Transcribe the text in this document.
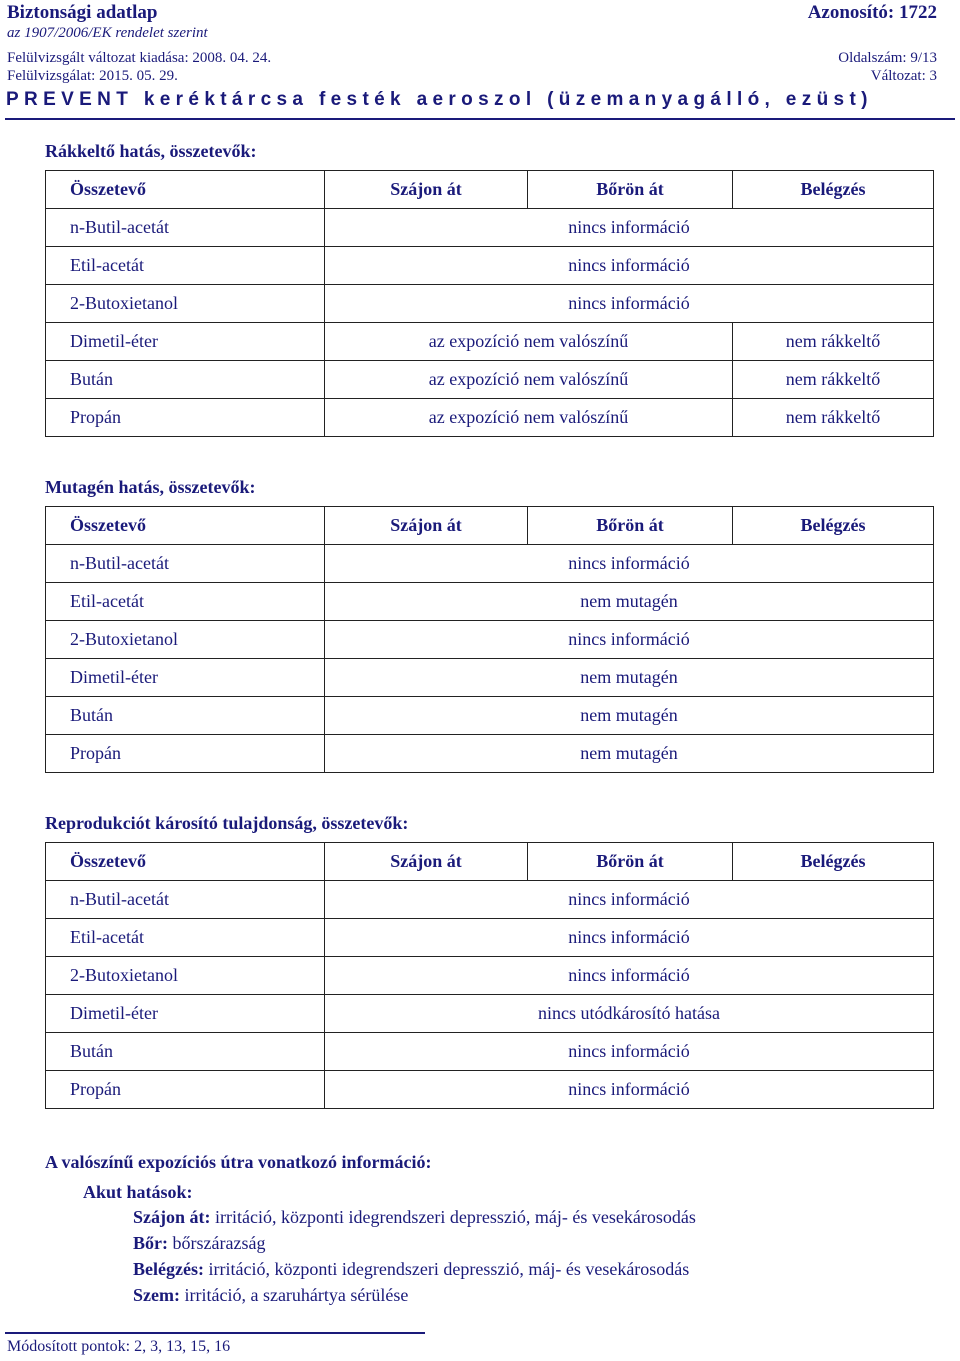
Biztonsági adatlap	Azonosító: 1722
az 1907/2006/EK rendelet szerint
Felülvizsgált változat kiadása: 2008. 04. 24.	Oldalszám: 9/13
Felülvizsgálat: 2015. 05. 29.	Változat: 3
PREVENT keréktárcsa festék aeroszol (üzemanyagálló, ezüst)
Rákkeltő hatás, összetevők:
Összetevő	Szájon át	Bőrön át	Belégzés
n-Butil-acetát	nincs információ		
Etil-acetát	nincs információ		
2-Butoxietanol	nincs információ		
Dimetil-éter	az expozíció nem valószínű		nem rákkeltő
Bután	az expozíció nem valószínű		nem rákkeltő
Propán	az expozíció nem valószínű		nem rákkeltő
Mutagén hatás, összetevők:
Összetevő	Szájon át	Bőrön át	Belégzés
n-Butil-acetát	nincs információ		
Etil-acetát	nem mutagén		
2-Butoxietanol	nincs információ		
Dimetil-éter	nem mutagén		
Bután	nem mutagén		
Propán	nem mutagén		
Reprodukciót károsító tulajdonság, összetevők:
Összetevő	Szájon át	Bőrön át	Belégzés
n-Butil-acetát	nincs információ		
Etil-acetát	nincs információ		
2-Butoxietanol	nincs információ		
Dimetil-éter	nincs utódkárosító hatása		
Bután	nincs információ		
Propán	nincs információ		
A valószínű expozíciós útra vonatkozó információ:
Akut hatások:
Szájon át: irritáció, központi idegrendszeri depresszió, máj- és vesekárosodás
Bőr: bőrszárazság
Belégzés: irritáció, központi idegrendszeri depresszió, máj- és vesekárosodás
Szem: irritáció, a szaruhártya sérülése
Módosított pontok: 2, 3, 13, 15, 16
